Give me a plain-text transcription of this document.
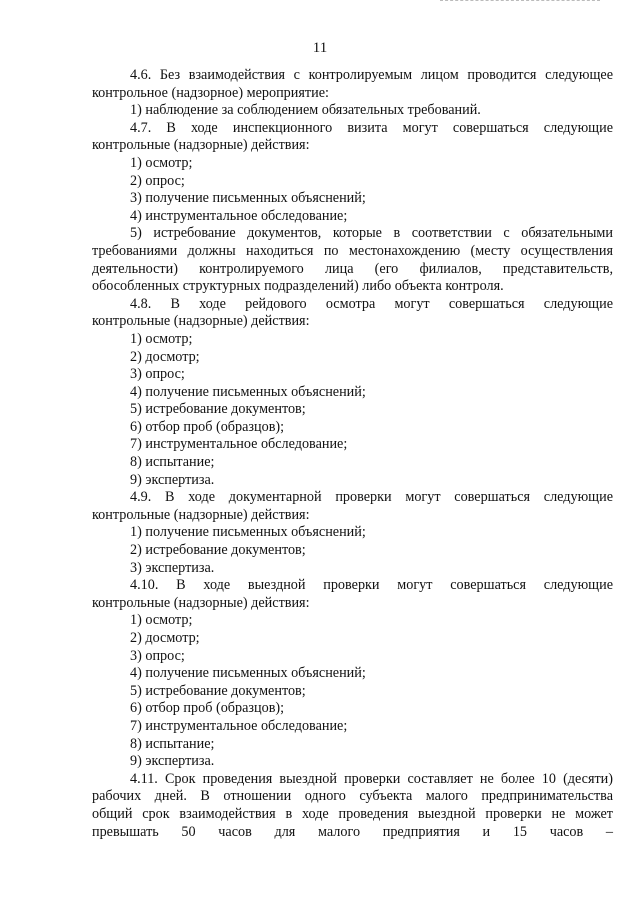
11
4.6. Без взаимодействия с контролируемым лицом проводится следующее
контрольное (надзорное) мероприятие:
1) наблюдение за соблюдением обязательных требований.
4.7. В ходе инспекционного визита могут совершаться следующие
контрольные (надзорные) действия:
1) осмотр;
2) опрос;
3) получение письменных объяснений;
4) инструментальное обследование;
5) истребование документов, которые в соответствии с обязательными
требованиями должны находиться по местонахождению (месту осуществления
деятельности) контролируемого лица (его филиалов, представительств,
обособленных структурных подразделений) либо объекта контроля.
4.8. В ходе рейдового осмотра могут совершаться следующие
контрольные (надзорные) действия:
1) осмотр;
2) досмотр;
3) опрос;
4) получение письменных объяснений;
5) истребование документов;
6) отбор проб (образцов);
7) инструментальное обследование;
8) испытание;
9) экспертиза.
4.9. В ходе документарной проверки могут совершаться следующие
контрольные (надзорные) действия:
1) получение письменных объяснений;
2) истребование документов;
3) экспертиза.
4.10. В ходе выездной проверки могут совершаться следующие
контрольные (надзорные) действия:
1) осмотр;
2) досмотр;
3) опрос;
4) получение письменных объяснений;
5) истребование документов;
6) отбор проб (образцов);
7) инструментальное обследование;
8) испытание;
9) экспертиза.
4.11. Срок проведения выездной проверки составляет не более 10 (десяти)
рабочих дней. В отношении одного субъекта малого предпринимательства
общий срок взаимодействия в ходе проведения выездной проверки не может
превышать 50 часов для малого предприятия и 15 часов –
